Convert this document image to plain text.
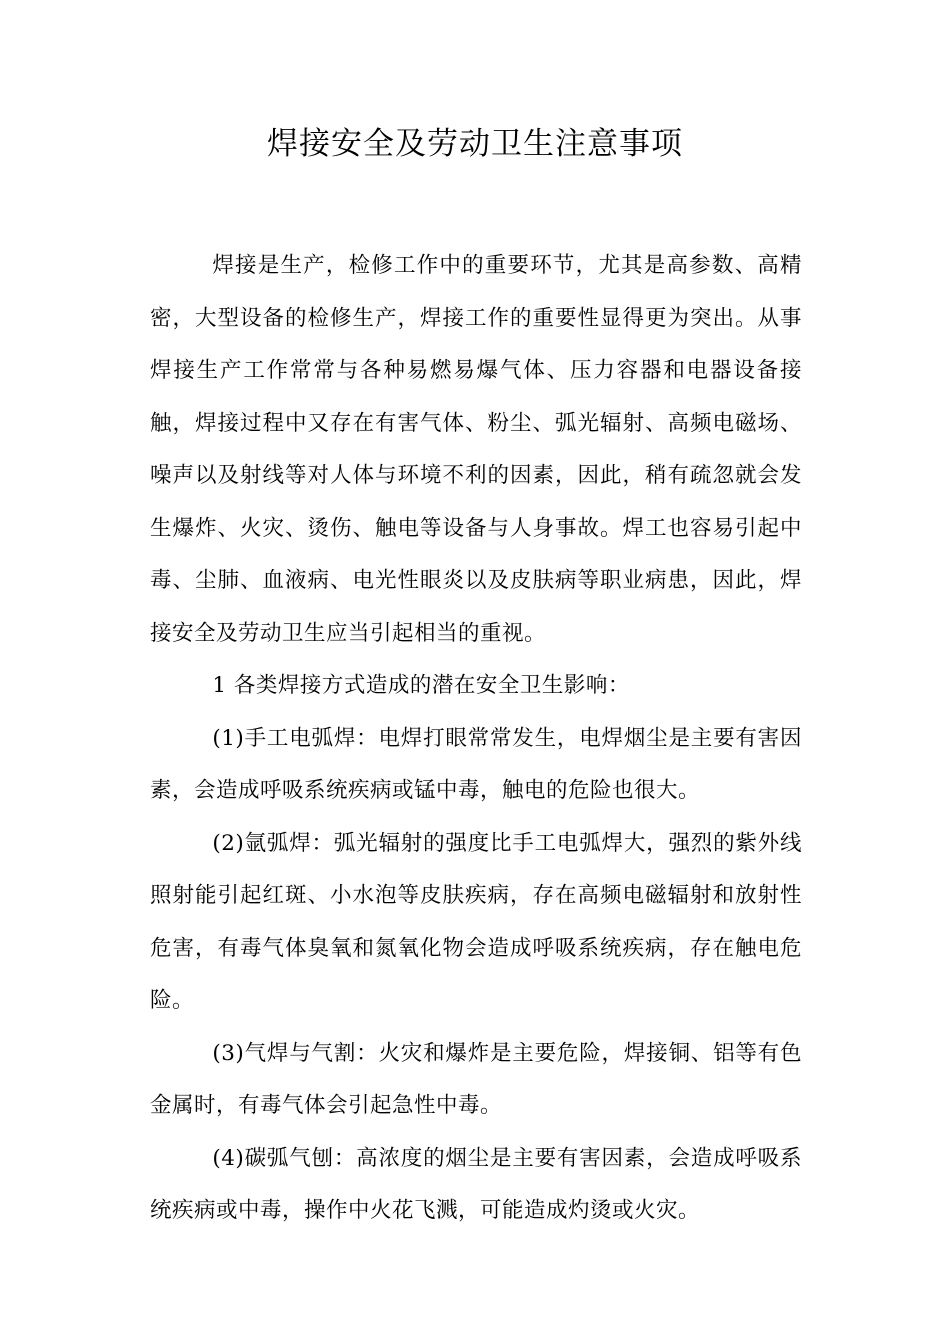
焊接安全及劳动卫生注意事项

焊接是生产，检修工作中的重要环节，尤其是高参数、高精密，大型设备的检修生产，焊接工作的重要性显得更为突出。从事焊接生产工作常常与各种易燃易爆气体、压力容器和电器设备接触，焊接过程中又存在有害气体、粉尘、弧光辐射、高频电磁场、噪声以及射线等对人体与环境不利的因素，因此，稍有疏忽就会发生爆炸、火灾、烫伤、触电等设备与人身事故。焊工也容易引起中毒、尘肺、血液病、电光性眼炎以及皮肤病等职业病患，因此，焊接安全及劳动卫生应当引起相当的重视。

1 各类焊接方式造成的潜在安全卫生影响：

(1)手工电弧焊：电焊打眼常常发生，电焊烟尘是主要有害因素，会造成呼吸系统疾病或锰中毒，触电的危险也很大。

(2)氩弧焊：弧光辐射的强度比手工电弧焊大，强烈的紫外线照射能引起红斑、小水泡等皮肤疾病，存在高频电磁辐射和放射性危害，有毒气体臭氧和氮氧化物会造成呼吸系统疾病，存在触电危险。

(3)气焊与气割：火灾和爆炸是主要危险，焊接铜、铝等有色金属时，有毒气体会引起急性中毒。

(4)碳弧气刨：高浓度的烟尘是主要有害因素，会造成呼吸系统疾病或中毒，操作中火花飞溅，可能造成灼烫或火灾。
